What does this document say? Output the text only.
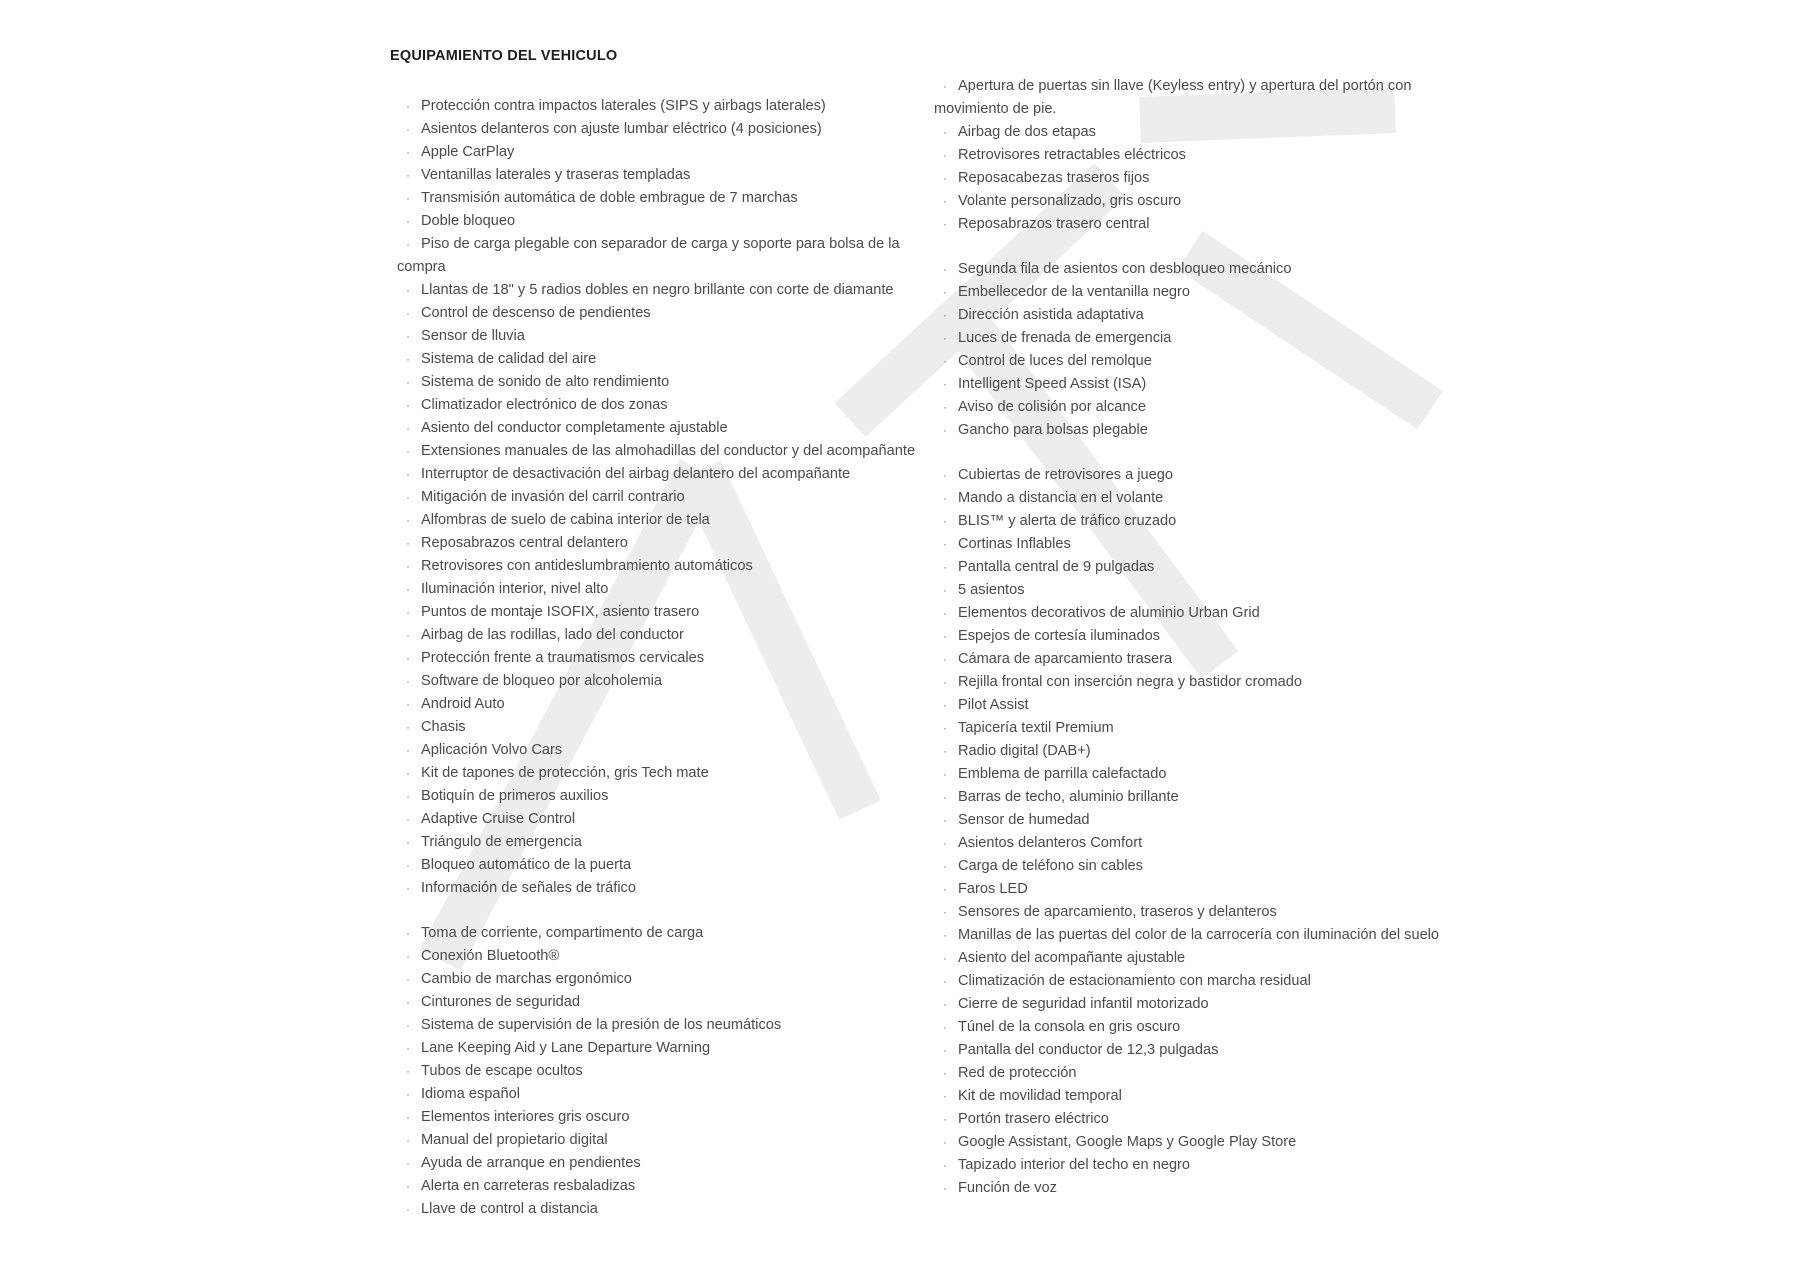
EQUIPAMIENTO DEL VEHICULO
· Protección contra impactos laterales (SIPS y airbags laterales)
· Asientos delanteros con ajuste lumbar eléctrico (4 posiciones)
· Apple CarPlay
· Ventanillas laterales y traseras templadas
· Transmisión automática de doble embrague de 7 marchas
· Doble bloqueo
· Piso de carga plegable con separador de carga y soporte para bolsa de la compra
· Llantas de 18" y 5 radios dobles en negro brillante con corte de diamante
· Control de descenso de pendientes
· Sensor de lluvia
· Sistema de calidad del aire
· Sistema de sonido de alto rendimiento
· Climatizador electrónico de dos zonas
· Asiento del conductor completamente ajustable
· Extensiones manuales de las almohadillas del conductor y del acompañante
· Interruptor de desactivación del airbag delantero del acompañante
· Mitigación de invasión del carril contrario
· Alfombras de suelo de cabina interior de tela
· Reposabrazos central delantero
· Retrovisores con antideslumbramiento automáticos
· Iluminación interior, nivel alto
· Puntos de montaje ISOFIX, asiento trasero
· Airbag de las rodillas, lado del conductor
· Protección frente a traumatismos cervicales
· Software de bloqueo por alcoholemia
· Android Auto
· Chasis
· Aplicación Volvo Cars
· Kit de tapones de protección, gris Tech mate
· Botiquín de primeros auxilios
· Adaptive Cruise Control
· Triángulo de emergencia
· Bloqueo automático de la puerta
· Información de señales de tráfico
· Toma de corriente, compartimento de carga
· Conexión Bluetooth®
· Cambio de marchas ergonómico
· Cinturones de seguridad
· Sistema de supervisión de la presión de los neumáticos
· Lane Keeping Aid y Lane Departure Warning
· Tubos de escape ocultos
· Idioma español
· Elementos interiores gris oscuro
· Manual del propietario digital
· Ayuda de arranque en pendientes
· Alerta en carreteras resbaladizas
· Llave de control a distancia
· Apertura de puertas sin llave (Keyless entry) y apertura del portón con movimiento de pie.
· Airbag de dos etapas
· Retrovisores retractables eléctricos
· Reposacabezas traseros fijos
· Volante personalizado, gris oscuro
· Reposabrazos trasero central
· Segunda fila de asientos con desbloqueo mecánico
· Embellecedor de la ventanilla negro
· Dirección asistida adaptativa
· Luces de frenada de emergencia
· Control de luces del remolque
· Intelligent Speed Assist (ISA)
· Aviso de colisión por alcance
· Gancho para bolsas plegable
· Cubiertas de retrovisores a juego
· Mando a distancia en el volante
· BLIS™ y alerta de tráfico cruzado
· Cortinas Inflables
· Pantalla central de 9 pulgadas
· 5 asientos
· Elementos decorativos de aluminio Urban Grid
· Espejos de cortesía iluminados
· Cámara de aparcamiento trasera
· Rejilla frontal con inserción negra y bastidor cromado
· Pilot Assist
· Tapicería textil Premium
· Radio digital (DAB+)
· Emblema de parrilla calefactado
· Barras de techo, aluminio brillante
· Sensor de humedad
· Asientos delanteros Comfort
· Carga de teléfono sin cables
· Faros LED
· Sensores de aparcamiento, traseros y delanteros
· Manillas de las puertas del color de la carrocería con iluminación del suelo
· Asiento del acompañante ajustable
· Climatización de estacionamiento con marcha residual
· Cierre de seguridad infantil motorizado
· Túnel de la consola en gris oscuro
· Pantalla del conductor de 12,3 pulgadas
· Red de protección
· Kit de movilidad temporal
· Portón trasero eléctrico
· Google Assistant, Google Maps y Google Play Store
· Tapizado interior del techo en negro
· Función de voz
